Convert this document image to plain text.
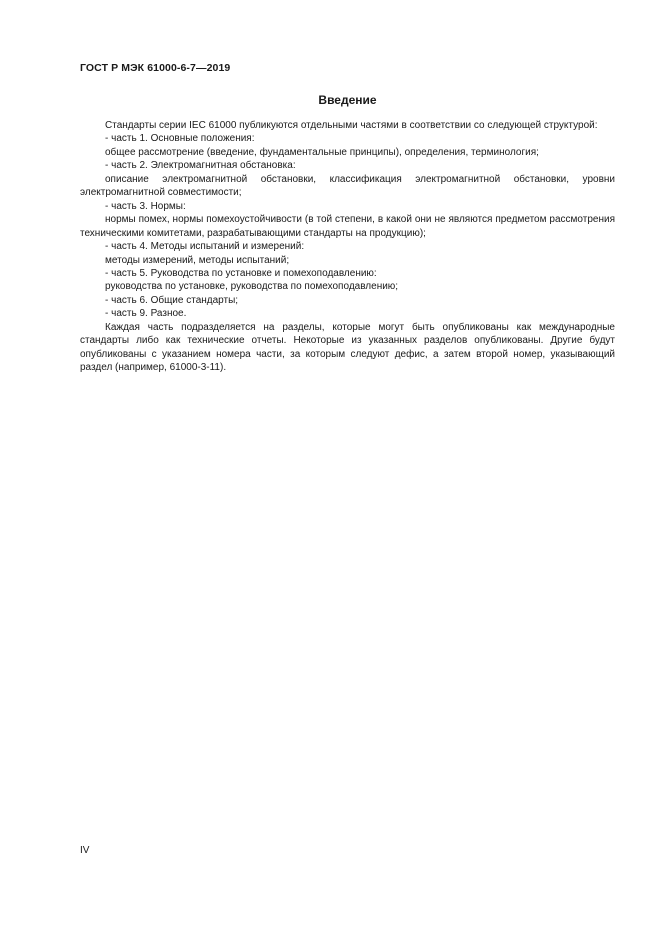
ГОСТ Р МЭК 61000-6-7—2019
Введение

Стандарты серии IEC 61000 публикуются отдельными частями в соответствии со следующей структурой:

- часть 1. Основные положения:

общее рассмотрение (введение, фундаментальные принципы), определения, терминология;

- часть 2. Электромагнитная обстановка:

описание электромагнитной обстановки, классификация электромагнитной обстановки, уровни электромагнитной совместимости;

- часть 3. Нормы:

нормы помех, нормы помехоустойчивости (в той степени, в какой они не являются предметом рассмотрения техническими комитетами, разрабатывающими стандарты на продукцию);

- часть 4. Методы испытаний и измерений:

методы измерений, методы испытаний;

- часть 5. Руководства по установке и помехоподавлению:

руководства по установке, руководства по помехоподавлению;

- часть 6. Общие стандарты;

- часть 9. Разное.

Каждая часть подразделяется на разделы, которые могут быть опубликованы как международные стандарты либо как технические отчеты. Некоторые из указанных разделов опубликованы. Другие будут опубликованы с указанием номера части, за которым следуют дефис, а затем второй номер, указывающий раздел (например, 61000-3-11).

IV
